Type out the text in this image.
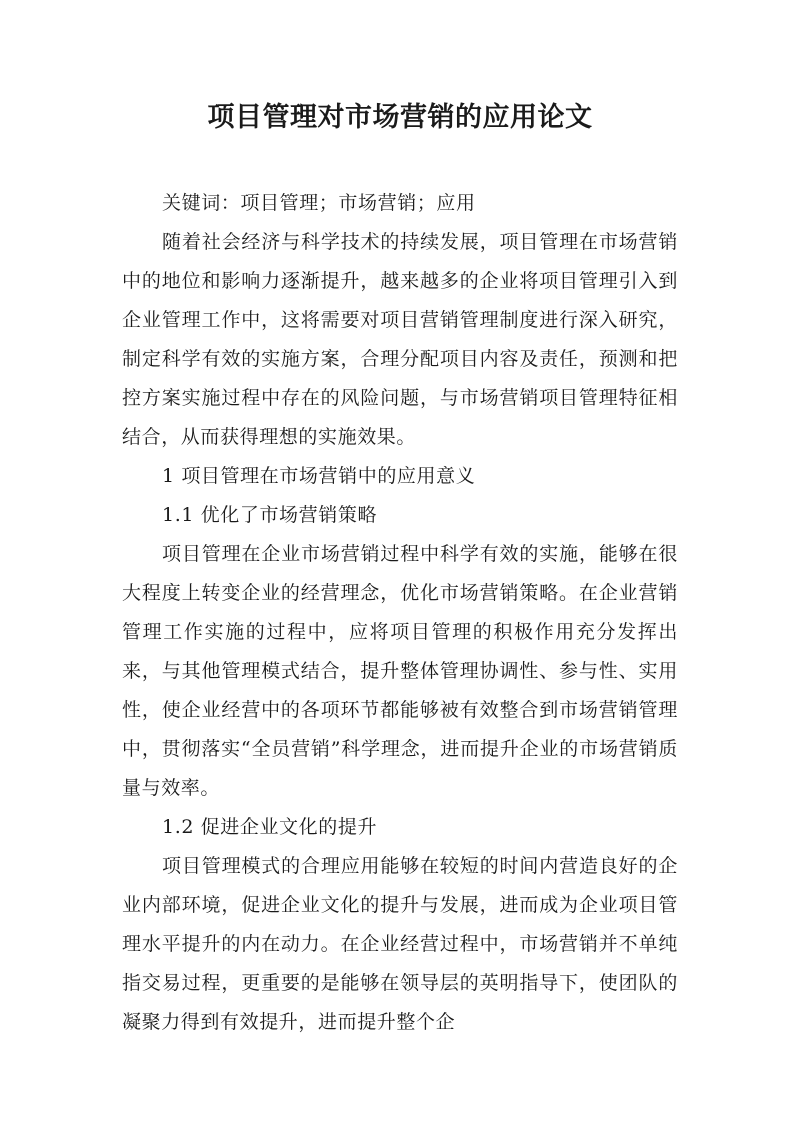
项目管理对市场营销的应用论文

关键词：项目管理；市场营销；应用

随着社会经济与科学技术的持续发展，项目管理在市场营销中的地位和影响力逐渐提升，越来越多的企业将项目管理引入到企业管理工作中，这将需要对项目营销管理制度进行深入研究，制定科学有效的实施方案，合理分配项目内容及责任，预测和把控方案实施过程中存在的风险问题，与市场营销项目管理特征相结合，从而获得理想的实施效果。

1 项目管理在市场营销中的应用意义

1.1 优化了市场营销策略

项目管理在企业市场营销过程中科学有效的实施，能够在很大程度上转变企业的经营理念，优化市场营销策略。在企业营销管理工作实施的过程中，应将项目管理的积极作用充分发挥出来，与其他管理模式结合，提升整体管理协调性、参与性、实用性，使企业经营中的各项环节都能够被有效整合到市场营销管理中，贯彻落实“全员营销”科学理念，进而提升企业的市场营销质量与效率。

1.2 促进企业文化的提升

项目管理模式的合理应用能够在较短的时间内营造良好的企业内部环境，促进企业文化的提升与发展，进而成为企业项目管理水平提升的内在动力。在企业经营过程中，市场营销并不单纯指交易过程，更重要的是能够在领导层的英明指导下，使团队的凝聚力得到有效提升，进而提升整个企
